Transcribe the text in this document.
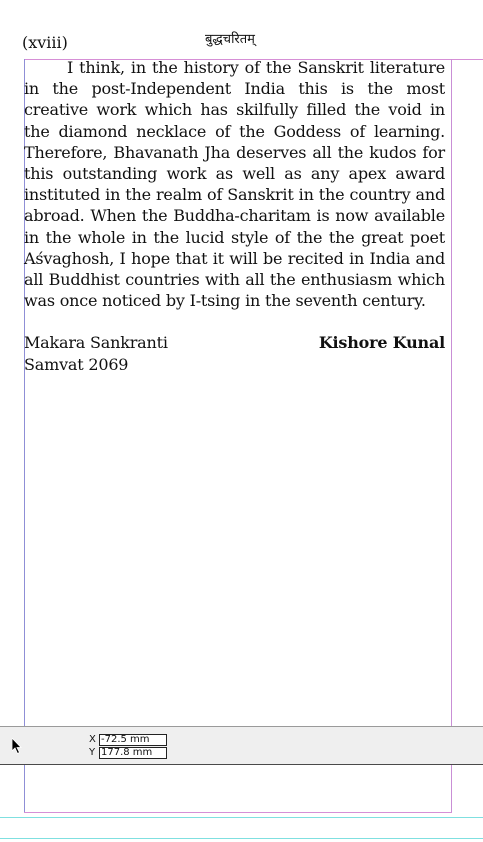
(xviii)	बुद्धचरितम्

I think, in the history of the Sanskrit literature in the post-Independent India this is the most creative work which has skilfully filled the void in the diamond necklace of the Goddess of learning. Therefore, Bhavanath Jha deserves all the kudos for this outstanding work as well as any apex award instituted in the realm of Sanskrit in the country and abroad. When the Buddha-charitam is now available in the whole in the lucid style of the the great poet Aśvaghosh, I hope that it will be recited in India and all Buddhist countries with all the enthusiasm which was once noticed by I-tsing in the seventh century.

Makara Sankranti
Samvat 2069
Kishore Kunal
X -72.5 mm
Y 177.8 mm
